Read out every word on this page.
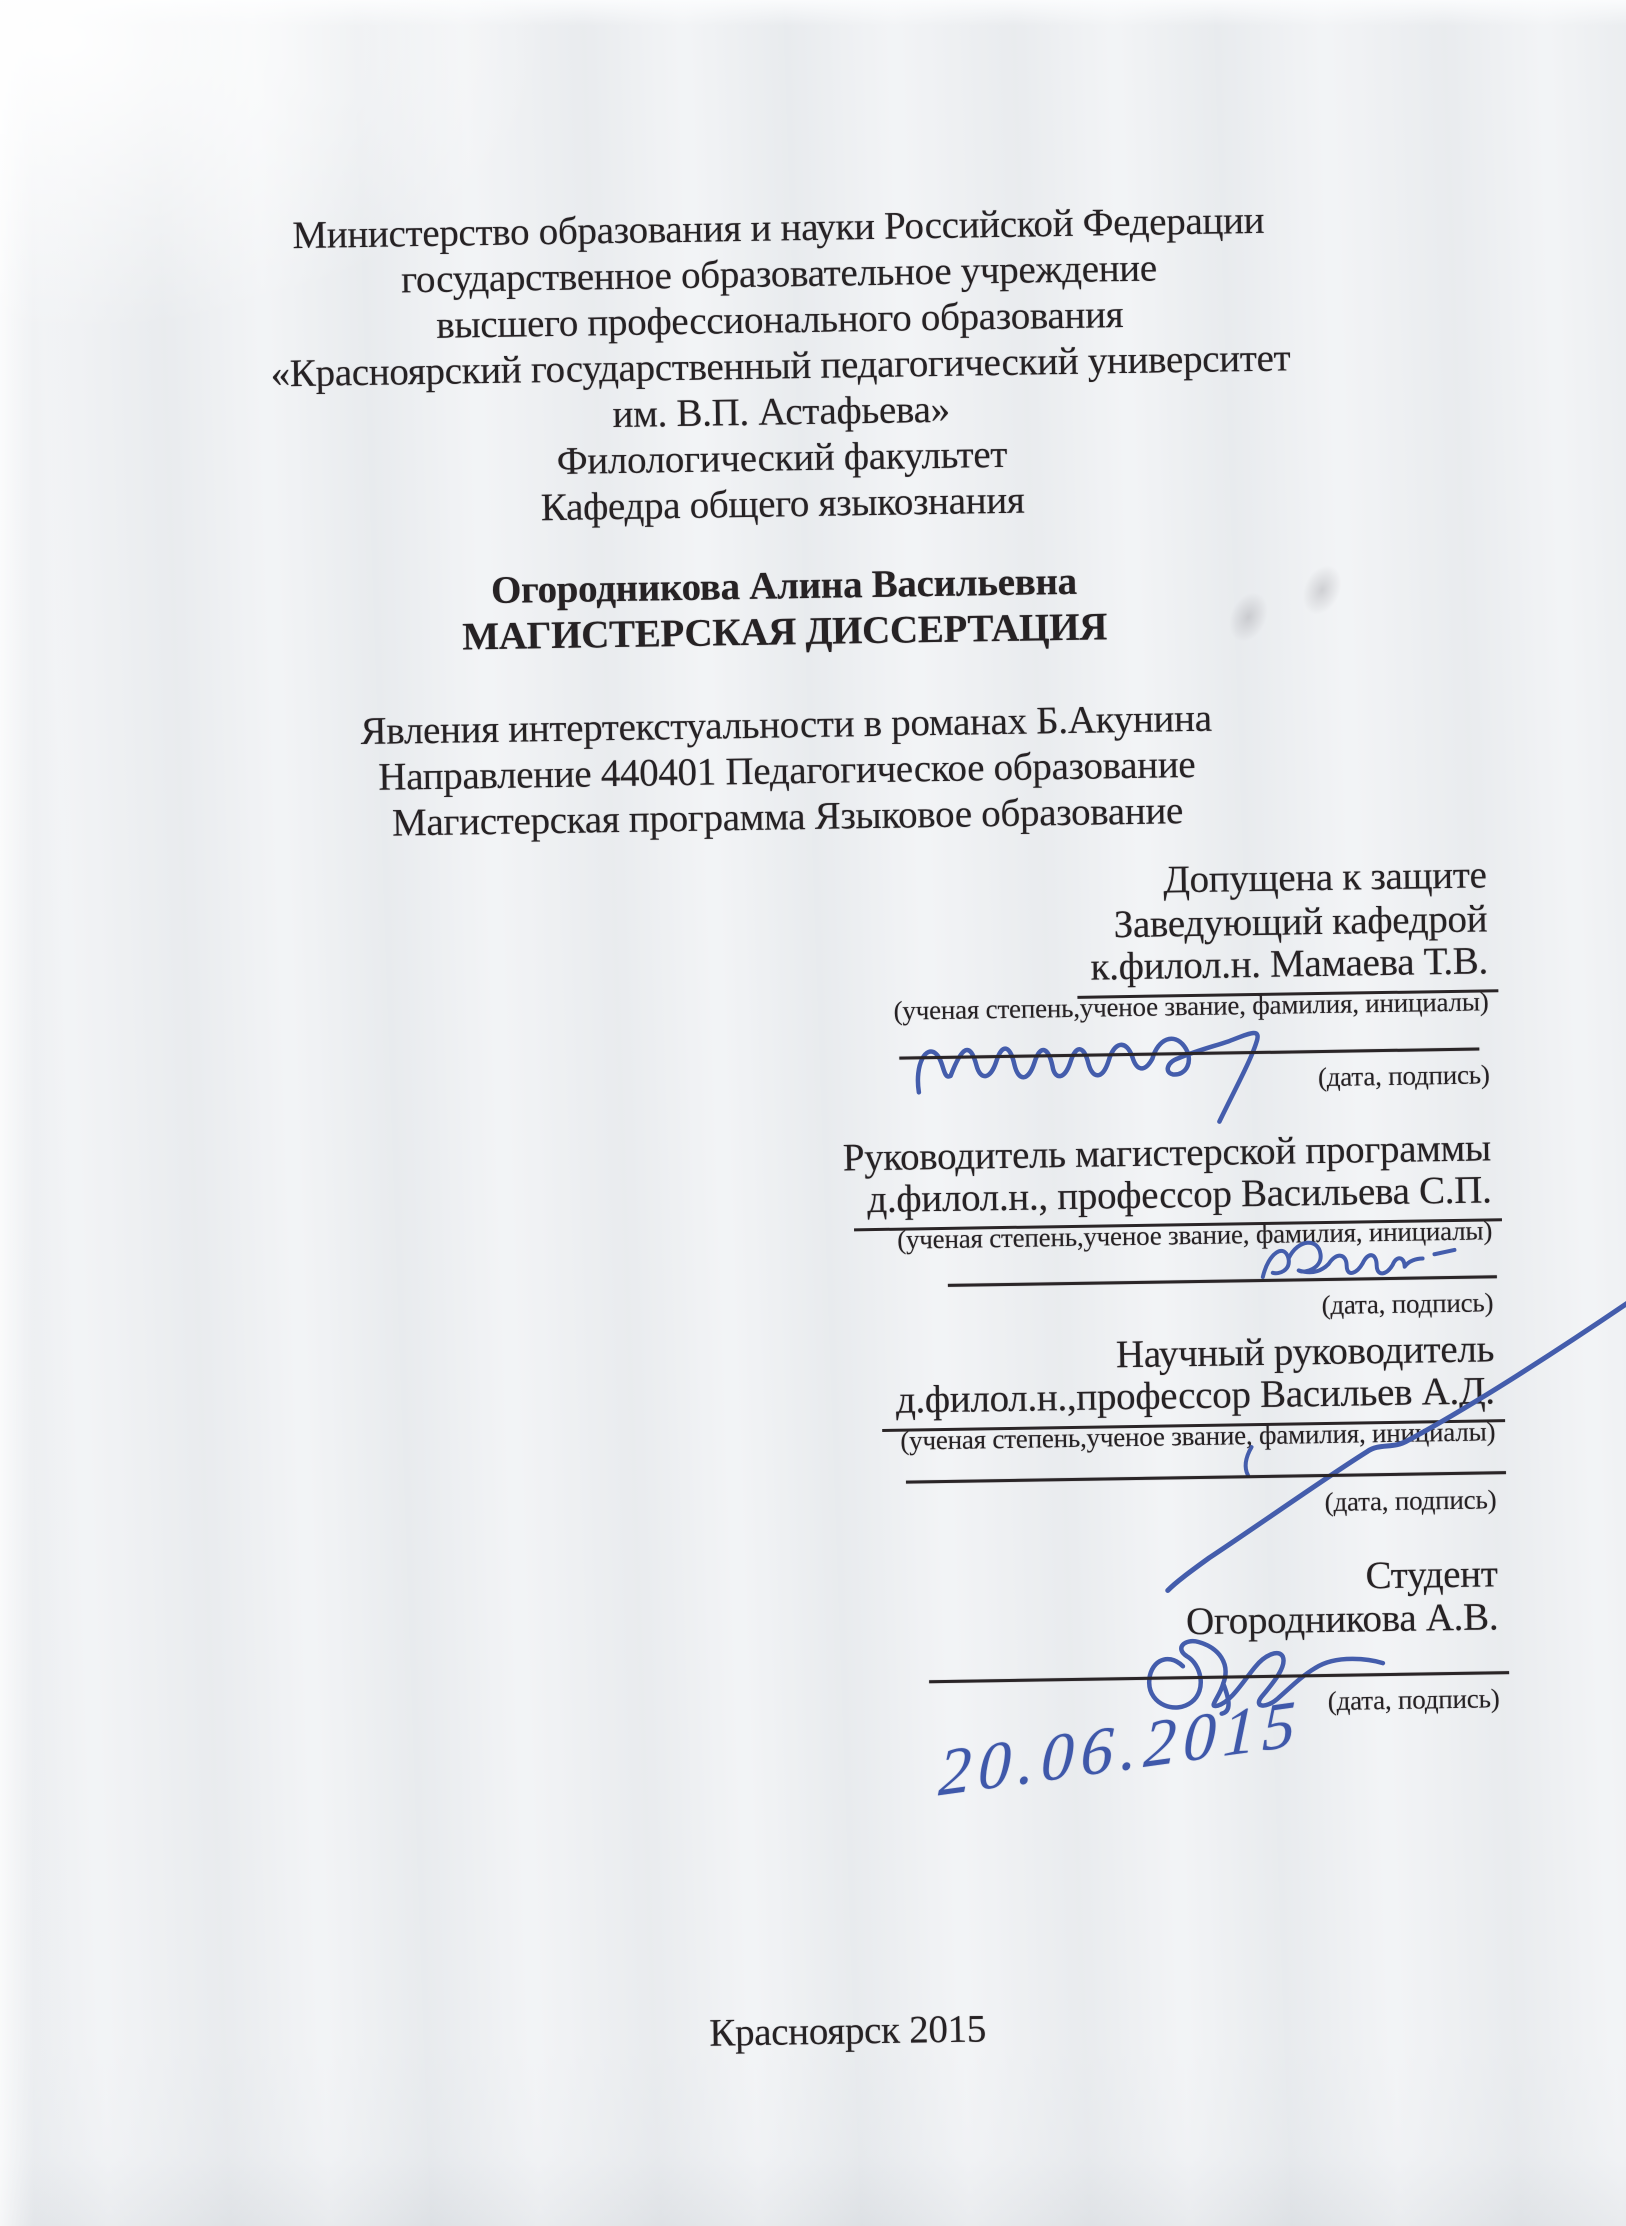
Министерство образования и науки Российской Федерации
государственное образовательное учреждение
высшего профессионального образования
«Красноярский государственный педагогический университет
им. В.П. Астафьева»
Филологический факультет
Кафедра общего языкознания
Огородникова Алина Васильевна
МАГИСТЕРСКАЯ ДИССЕРТАЦИЯ
Явления интертекстуальности в романах Б.Акунина
Направление 440401 Педагогическое образование
Магистерская программа Языковое образование
Допущена к защите
Заведующий кафедрой
к.филол.н. Мамаева Т.В.
(ученая степень,ученое звание, фамилия, инициалы)
(дата, подпись)
Руководитель магистерской программы
д.филол.н., профессор Васильева С.П.
(ученая степень,ученое звание, фамилия, инициалы)
(дата, подпись)
Научный руководитель
д.филол.н.,профессор Васильев А.Д.
(ученая степень,ученое звание, фамилия, инициалы)
(дата, подпись)
Студент
Огородникова А.В.
(дата, подпись)
20.06.2015
Красноярск 2015
